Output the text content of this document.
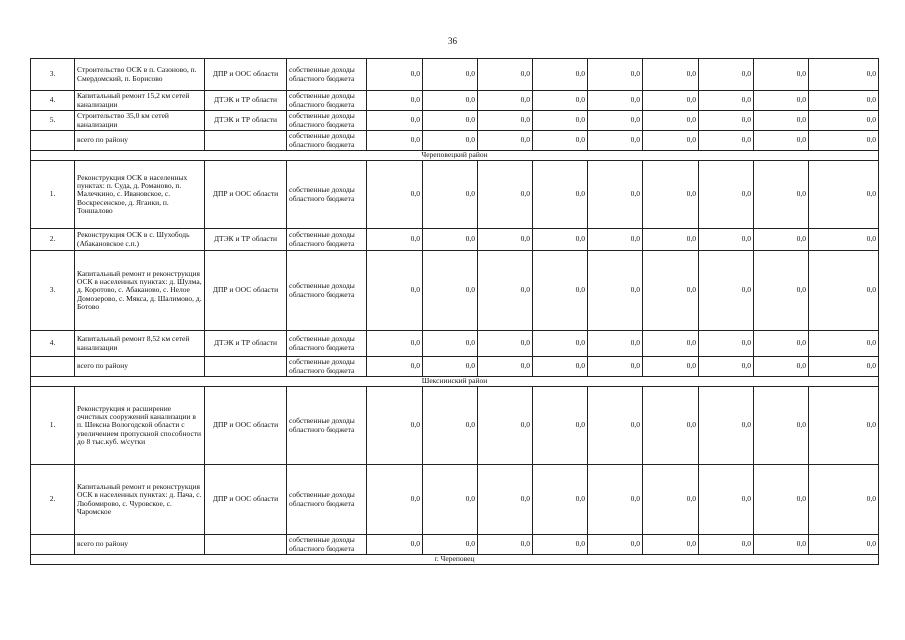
36
3.	Строительство ОСК в п. Сазоново, п. Смердомский, п. Борисово	ДПР и ООС области	собственные доходы областного бюджета	0,0	0,0	0,0	0,0	0,0	0,0	0,0	0,0	0,0
4.	Капитальный ремонт 15,2 км сетей канализации	ДТЭК и ТР области	собственные доходы областного бюджета	0,0	0,0	0,0	0,0	0,0	0,0	0,0	0,0	0,0
5.	Строительство 35,0 км сетей канализации	ДТЭК и ТР области	собственные доходы областного бюджета	0,0	0,0	0,0	0,0	0,0	0,0	0,0	0,0	0,0
	всего по району		собственные доходы областного бюджета	0,0	0,0	0,0	0,0	0,0	0,0	0,0	0,0	0,0
Череповецкий район												
1.	Реконструкция ОСК в населенных пунктах: п. Суда, д. Романово, п. Малечкино, с. Ивановское, с. Воскресенское, д. Ягаики, п. Тоншалово	ДПР и ООС области	собственные доходы областного бюджета	0,0	0,0	0,0	0,0	0,0	0,0	0,0	0,0	0,0
2.	Реконструкция ОСК в с. Шухободь (Абакановское с.п.)	ДТЭК и ТР области	собственные доходы областного бюджета	0,0	0,0	0,0	0,0	0,0	0,0	0,0	0,0	0,0
3.	Капитальный ремонт и реконструкция ОСК в населенных пунктах: д. Шулма, д. Коротово, с. Абаканово, с. Нелое Домозерово, с. Мякса, д. Шалимово, д. Ботово	ДПР и ООС области	собственные доходы областного бюджета	0,0	0,0	0,0	0,0	0,0	0,0	0,0	0,0	0,0
4.	Капитальный ремонт 8,52 км сетей канализации	ДТЭК и ТР области	собственные доходы областного бюджета	0,0	0,0	0,0	0,0	0,0	0,0	0,0	0,0	0,0
	всего по району		собственные доходы областного бюджета	0,0	0,0	0,0	0,0	0,0	0,0	0,0	0,0	0,0
Шекснинский район												
1.	Реконструкция и расширение очистных сооружений канализации в п. Шексна Вологодской области с увеличением пропускной способности до 8 тыс.куб. м/сутки	ДПР и ООС области	собственные доходы областного бюджета	0,0	0,0	0,0	0,0	0,0	0,0	0,0	0,0	0,0
2.	Капитальный ремонт и реконструкция ОСК в населенных пунктах: д. Пача, с. Любомирово, с. Чуровское, с. Чаромское	ДПР и ООС области	собственные доходы областного бюджета	0,0	0,0	0,0	0,0	0,0	0,0	0,0	0,0	0,0
	всего по району		собственные доходы областного бюджета	0,0	0,0	0,0	0,0	0,0	0,0	0,0	0,0	0,0
г. Череповец												
